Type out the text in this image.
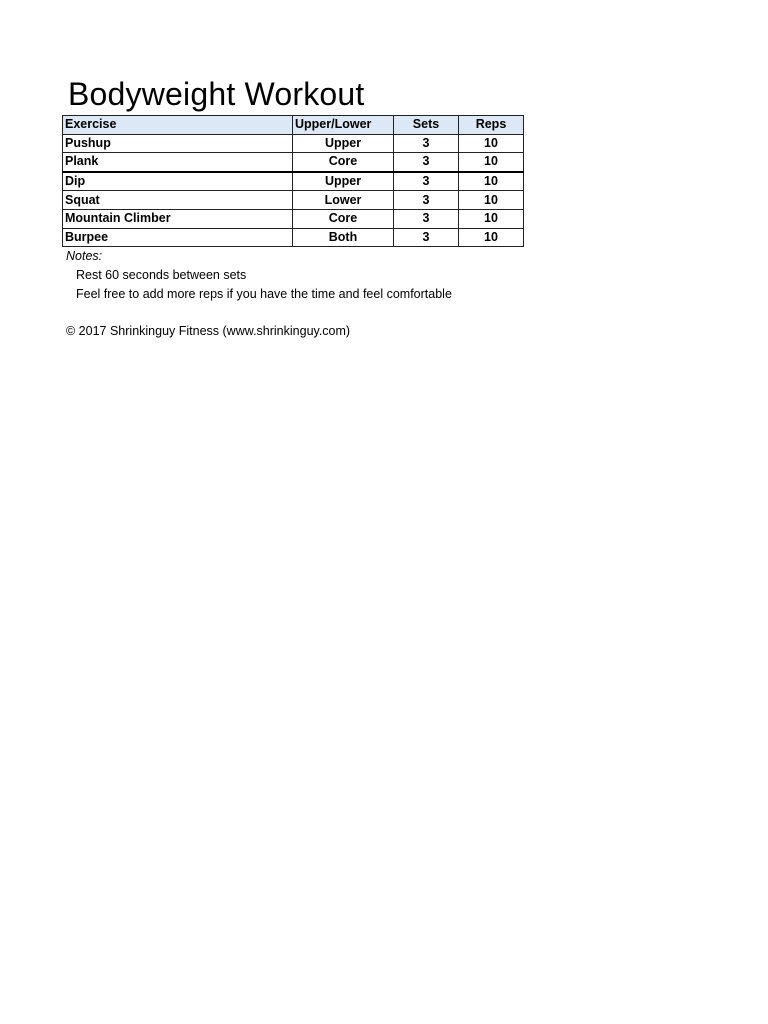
Bodyweight Workout
Exercise	Upper/Lower	Sets	Reps
Pushup	Upper	3	10
Plank	Core	3	10
Dip	Upper	3	10
Squat	Lower	3	10
Mountain Climber	Core	3	10
Burpee	Both	3	10
Notes:
Rest 60 seconds between sets
Feel free to add more reps if you have the time and feel comfortable
© 2017 Shrinkinguy Fitness (www.shrinkinguy.com)
